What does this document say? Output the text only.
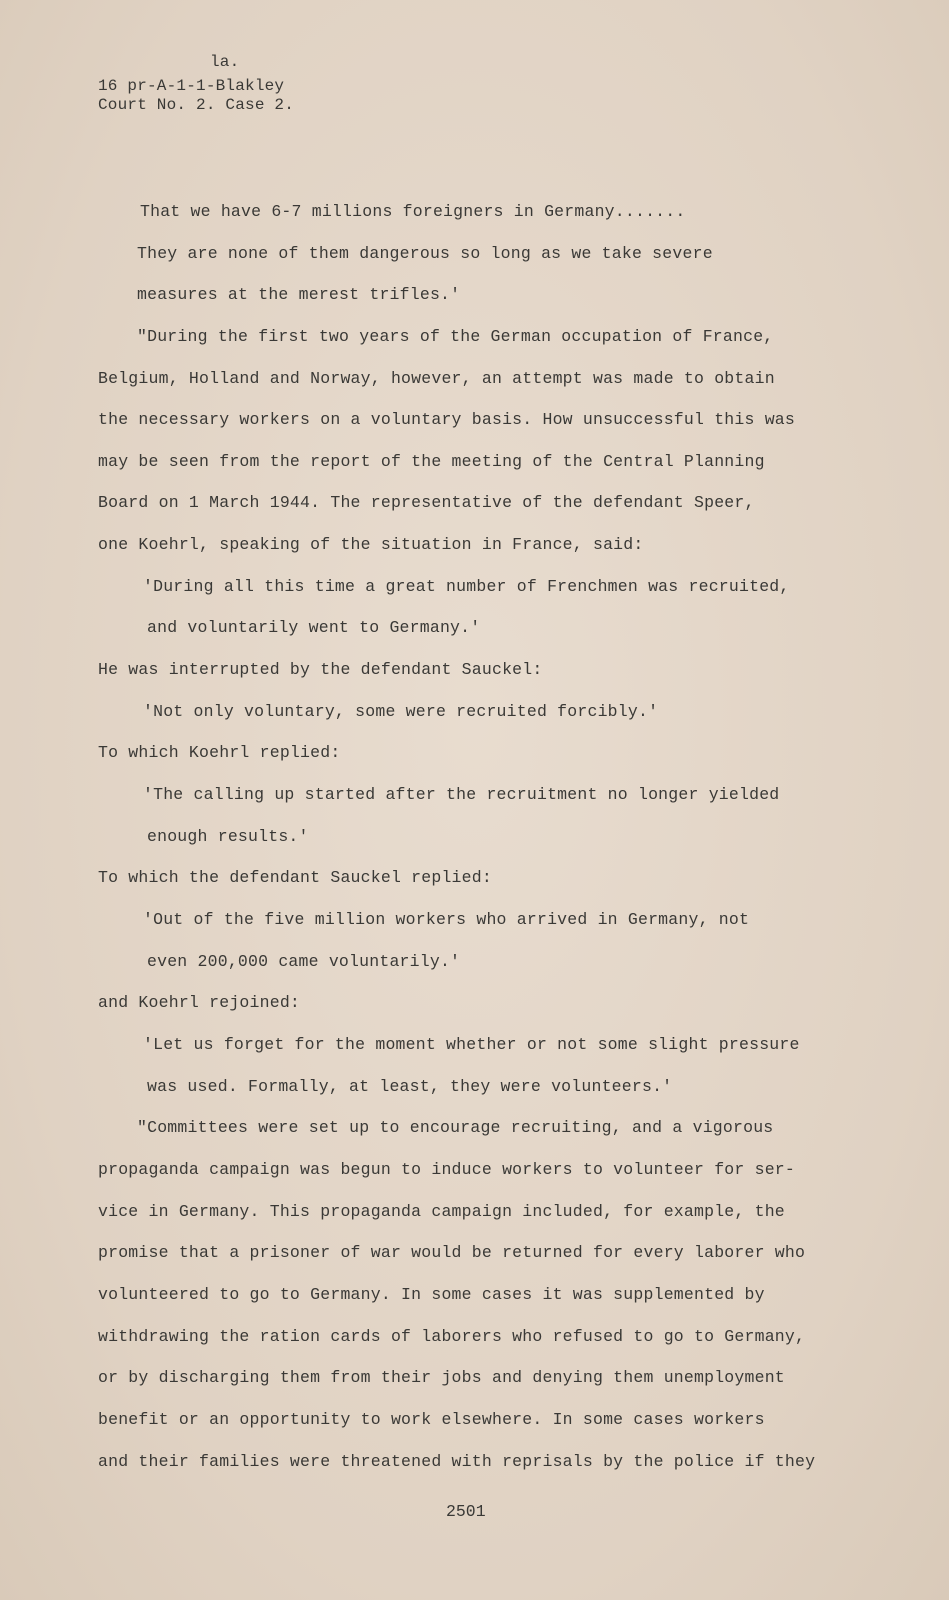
la.
16 pr-A-1-1-Blakley
Court No. 2. Case 2.
That we have 6-7 millions foreigners in Germany.......
They are none of them dangerous so long as we take severe
measures at the merest trifles.'
"During the first two years of the German occupation of France,
Belgium, Holland and Norway, however, an attempt was made to obtain
the necessary workers on a voluntary basis. How unsuccessful this was
may be seen from the report of the meeting of the Central Planning
Board on 1 March 1944. The representative of the defendant Speer,
one Koehrl, speaking of the situation in France, said:
'During all this time a great number of Frenchmen was recruited,
and voluntarily went to Germany.'
He was interrupted by the defendant Sauckel:
'Not only voluntary, some were recruited forcibly.'
To which Koehrl replied:
'The calling up started after the recruitment no longer yielded
enough results.'
To which the defendant Sauckel replied:
'Out of the five million workers who arrived in Germany, not
even 200,000 came voluntarily.'
and Koehrl rejoined:
'Let us forget for the moment whether or not some slight pressure
was used. Formally, at least, they were volunteers.'
"Committees were set up to encourage recruiting, and a vigorous
propaganda campaign was begun to induce workers to volunteer for ser-
vice in Germany. This propaganda campaign included, for example, the
promise that a prisoner of war would be returned for every laborer who
volunteered to go to Germany. In some cases it was supplemented by
withdrawing the ration cards of laborers who refused to go to Germany,
or by discharging them from their jobs and denying them unemployment
benefit or an opportunity to work elsewhere. In some cases workers
and their families were threatened with reprisals by the police if they
2501
